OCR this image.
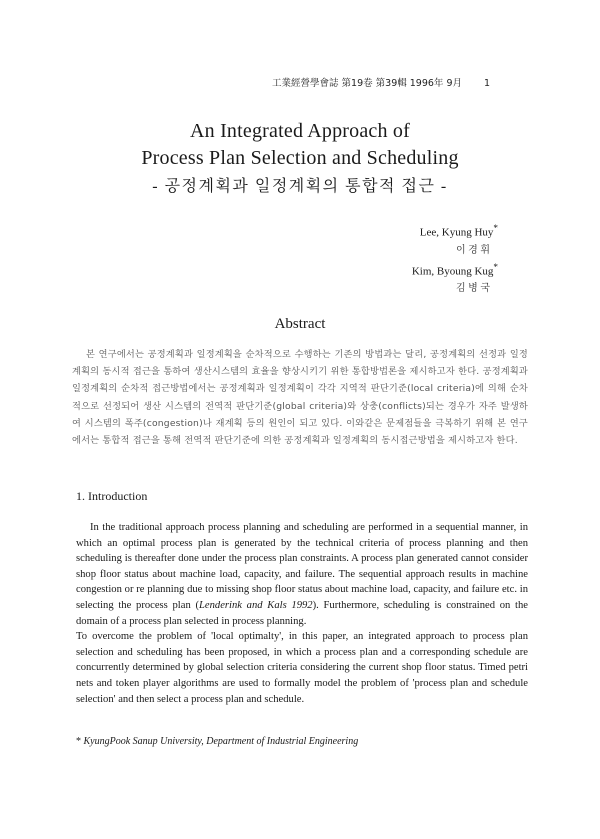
工業經營學會誌 第19卷 第39輯 1996年 9月 1
An Integrated Approach of
Process Plan Selection and Scheduling
- 공정계획과 일정계획의 통합적 접근 -
Lee, Kyung Huy*
이 경 휘
Kim, Byoung Kug*
김 병 국
Abstract
본 연구에서는 공정계획과 일정계획을 순차적으로 수행하는 기존의 방법과는 달리, 공정계획의 선정과 일정계획의 동시적 접근을 통하여 생산시스템의 효율을 향상시키기 위한 통합방법론을 제시하고자 한다. 공정계획과 일정계획의 순차적 접근방법에서는 공정계획과 일정계획이 각각 지역적 판단기준(local criteria)에 의해 순차적으로 선정되어 생산 시스템의 전역적 판단기준(global criteria)와 상충(conflicts)되는 경우가 자주 발생하여 시스템의 폭주(congestion)나 재계획 등의 원인이 되고 있다. 이와같은 문제점들을 극복하기 위해 본 연구에서는 통합적 접근을 통해 전역적 판단기준에 의한 공정계획과 일정계획의 동시접근방법을 제시하고자 한다.
1. Introduction

In the traditional approach process planning and scheduling are performed in a sequential manner, in which an optimal process plan is generated by the technical criteria of process planning and then scheduling is thereafter done under the process plan constraints. A process plan generated cannot consider shop floor status about machine load, capacity, and failure. The sequential approach results in machine congestion or re planning due to missing shop floor status about machine load, capacity, and failure etc. in selecting the process plan (Lenderink and Kals 1992). Furthermore, scheduling is constrained on the domain of a process plan selected in process planning.

To overcome the problem of 'local optimalty', in this paper, an integrated approach to process plan selection and scheduling has been proposed, in which a process plan and a corresponding schedule are concurrently determined by global selection criteria considering the current shop floor status. Timed petri nets and token player algorithms are used to formally model the problem of 'process plan and schedule selection' and then select a process plan and schedule.

* KyungPook Sanup University, Department of Industrial Engineering
